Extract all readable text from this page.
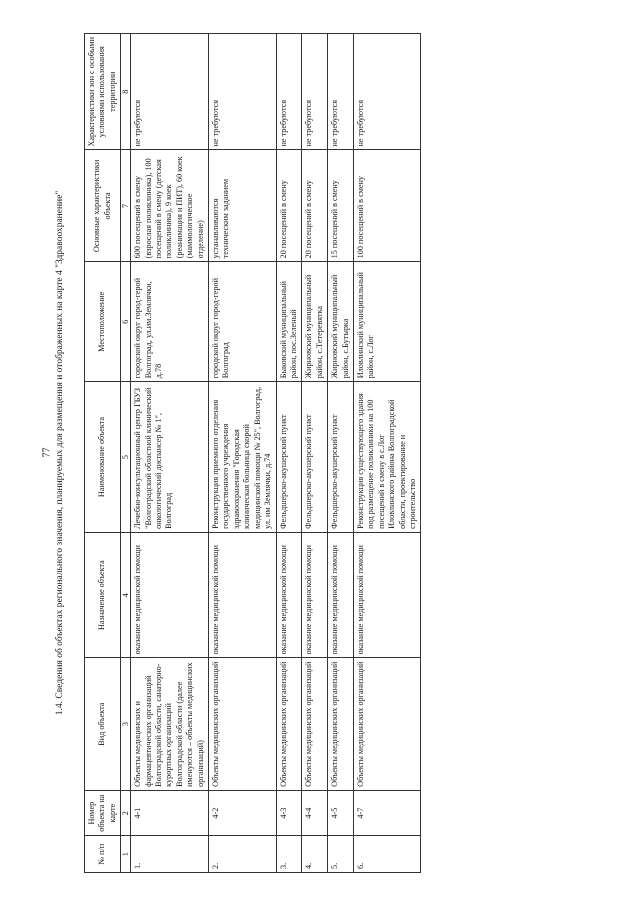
77 1.4. Сведения об объектах регионального значения, планируемых для размещения и отображенных на карте 4 "Здравоохранение"
№ п/п	Номер объекта на карте	Вид объекта	Назначение объекта	Наименование объекта	Местоположение	Основные характеристики объекта	Характеристики зон с особыми условиями использования территории
1	2	3	4	5	6	7	8
1.	4-1	Объекты медицинских и фармацевтических организаций Волгоградской области, санаторно-курортных организаций Волгоградской области (далее именуются – объекты медицинских организаций)	оказание медицинской помощи	Лечебно-консультационный центр ГБУЗ "Волгоградский областной клинический онкологический диспансер № 1", Волгоград	городской округ город-герой Волгоград, ул.им.Землячки, д.78	600 посещений в смену (взрослая поликлиника), 100 посещений в смену (детская поликлиника), 9 коек (реанимация и ПИТ), 60 коек (маммологическое отделение)	не требуются
2.	4-2	Объекты медицинских организаций	оказание медицинской помощи	Реконструкция приемного отделения государственного учреждения здравоохранения "Городская клиническая больница скорой медицинской помощи № 25", Волгоград, ул. им Землячки, д.74	городской округ город-герой Волгоград	устанавливаются техническим заданием	не требуются
3.	4-3	Объекты медицинских организаций	оказание медицинской помощи	Фельдшерско-акушерский пункт	Быковский муниципальный район, пос.Зеленый	20 посещений в смену	не требуются
4.	4-4	Объекты медицинских организаций	оказание медицинской помощи	Фельдшерско-акушерский пункт	Жирновский муниципальный район, с.Тетеревятка	20 посещений в смену	не требуются
5.	4-5	Объекты медицинских организаций	оказание медицинской помощи	Фельдшерско-акушерский пункт	Жирновский муниципальный район, с.Бутырка	15 посещений в смену	не требуются
6.	4-7	Объекты медицинских организаций	оказание медицинской помощи	Реконструкция существующего здания под размещение поликлиники на 100 посещений в смену в с.Лог Иловлинского района Волгоградской области, проектирование и строительство	Иловлинский муниципальный район, с.Лог	100 посещений в смену	не требуются
